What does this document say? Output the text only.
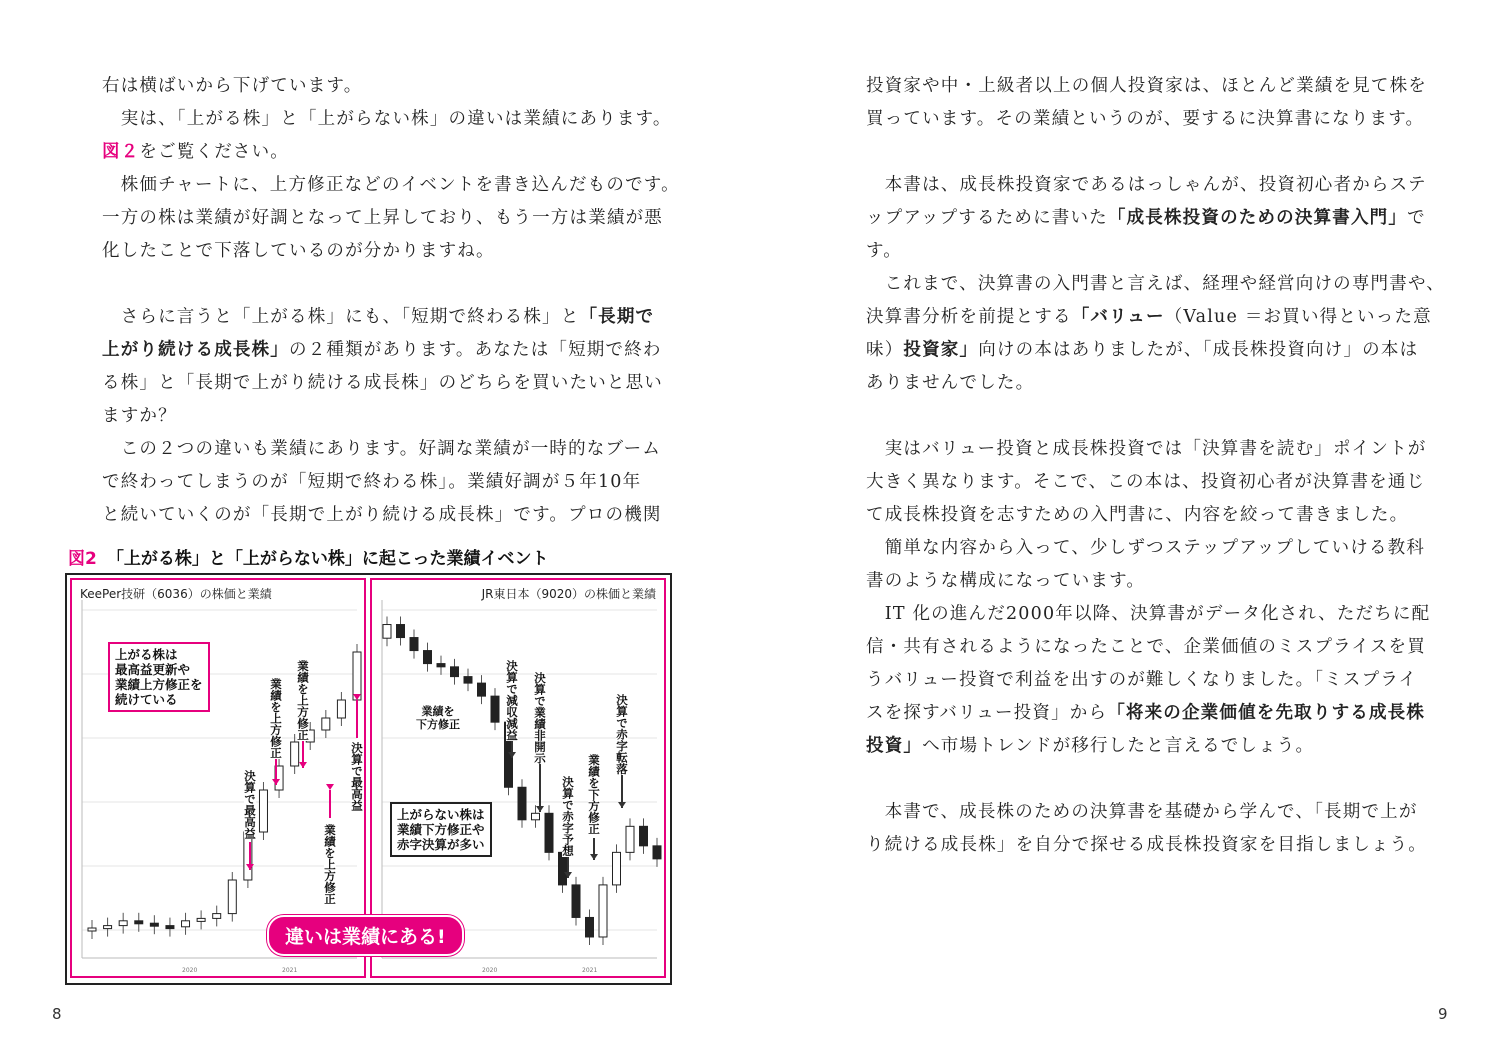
右は横ばいから下げています。

　実は、「上がる株」と「上がらない株」の違いは業績にあります。

図２をご覧ください。

　株価チャートに、上方修正などのイベントを書き込んだものです。

一方の株は業績が好調となって上昇しており、もう一方は業績が悪

化したことで下落しているのが分かりますね。

　さらに言うと「上がる株」にも、「短期で終わる株」と「長期で

上がり続ける成長株」の２種類があります。あなたは「短期で終わ

る株」と「長期で上がり続ける成長株」のどちらを買いたいと思い

ますか？

　この２つの違いも業績にあります。好調な業績が一時的なブーム

で終わってしまうのが「短期で終わる株」。業績好調が５年10年

と続いていくのが「長期で上がり続ける成長株」です。プロの機関

投資家や中・上級者以上の個人投資家は、ほとんど業績を見て株を

買っています。その業績というのが、要するに決算書になります。

　本書は、成長株投資家であるはっしゃんが、投資初心者からステ

ップアップするために書いた「成長株投資のための決算書入門」で

す。

　これまで、決算書の入門書と言えば、経理や経営向けの専門書や、

決算書分析を前提とする「バリュー（Value ＝お買い得といった意

味）投資家」向けの本はありましたが、「成長株投資向け」の本は

ありませんでした。

　実はバリュー投資と成長株投資では「決算書を読む」ポイントが

大きく異なります。そこで、この本は、投資初心者が決算書を通じ

て成長株投資を志すための入門書に、内容を絞って書きました。

　簡単な内容から入って、少しずつステップアップしていける教科

書のような構成になっています。

　IT 化の進んだ2000年以降、決算書がデータ化され、ただちに配

信・共有されるようになったことで、企業価値のミスプライスを買

うバリュー投資で利益を出すのが難しくなりました。「ミスプライ

スを探すバリュー投資」から「将来の企業価値を先取りする成長株

投資」へ市場トレンドが移行したと言えるでしょう。

　本書で、成長株のための決算書を基礎から学んで、「長期で上が

り続ける成長株」を自分で探せる成長株投資家を目指しましょう。

図2 「上がる株」と「上がらない株」に起こった業績イベント
2020	2021
KeePer技研（6036）の株価と業績
上がる株は
最高益更新や
業績上方修正を
続けている
決算で最高益
業績を上方修正 業績を上方修正
業績を上方修正
決算で最高益
2020	2021
JR東日本（9020）の株価と業績
業績を
下方修正	決算で減収減益 決算で業績非開示
決算で赤字予想 業績を下方修正
決算で赤字転落
上がらない株は
業績下方修正や
赤字決算が多い
違いは業績にある!
8	9
